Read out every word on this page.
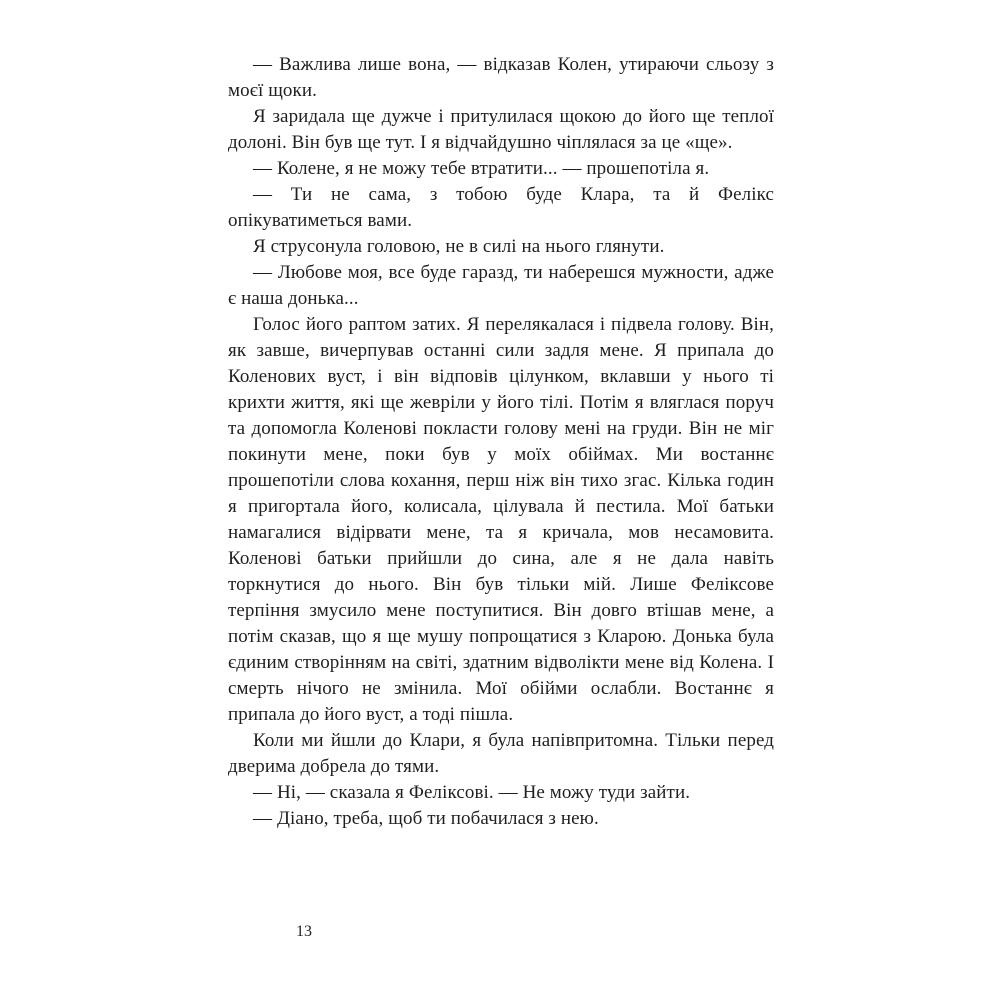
— Важлива лише вона, — відказав Колен, утираючи сльозу з моєї щоки.

Я заридала ще дужче і притулилася щокою до його ще теплої долоні. Він був ще тут. І я відчайдушно чіплялася за це «ще».

— Колене, я не можу тебе втратити... — прошепотіла я.

— Ти не сама, з тобою буде Клара, та й Фелікс опікуватиметься вами.

Я струсонула головою, не в силі на нього глянути.

— Любове моя, все буде гаразд, ти наберешся мужности, адже є наша донька...

Голос його раптом затих. Я перелякалася і підвела голову. Він, як завше, вичерпував останні сили задля мене. Я припала до Коленових вуст, і він відповів цілунком, вклавши у нього ті крихти життя, які ще жевріли у його тілі. Потім я вляглася поруч та допомогла Коленові покласти голову мені на груди. Він не міг покинути мене, поки був у моїх обіймах. Ми востаннє прошепотіли слова кохання, перш ніж він тихо згас. Кілька годин я пригортала його, колисала, цілувала й пестила. Мої батьки намагалися відірвати мене, та я кричала, мов несамовита. Коленові батьки прийшли до сина, але я не дала навіть торкнутися до нього. Він був тільки мій. Лише Феліксове терпіння змусило мене поступитися. Він довго втішав мене, а потім сказав, що я ще мушу попрощатися з Кларою. Донька була єдиним створінням на світі, здатним відволікти мене від Колена. І смерть нічого не змінила. Мої обійми ослабли. Востаннє я припала до його вуст, а тоді пішла.

Коли ми йшли до Клари, я була напівпритомна. Тільки перед дверима добрела до тями.

— Ні, — сказала я Феліксові. — Не можу туди зайти.

— Діано, треба, щоб ти побачилася з нею.

13
